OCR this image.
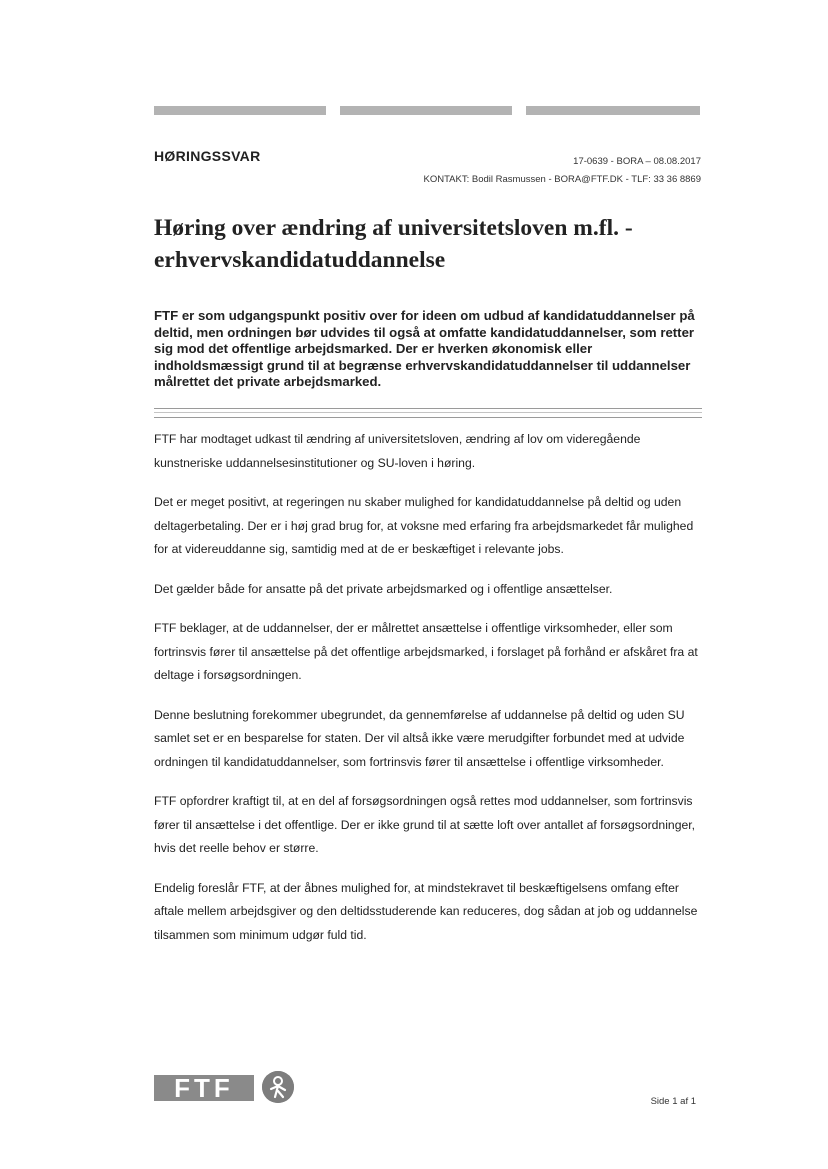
HØRINGSSVAR	17-0639 - BORA – 08.08.2017
KONTAKT: Bodil Rasmussen - BORA@FTF.DK - TLF: 33 36 8869
Høring over ændring af universitetsloven m.fl. - erhvervskandidatuddannelse
FTF er som udgangspunkt positiv over for ideen om udbud af kandidatuddannelser på deltid, men ordningen bør udvides til også at omfatte kandidatuddannelser, som retter sig mod det offentlige arbejdsmarked. Der er hverken økonomisk eller indholdsmæssigt grund til at begrænse erhvervskandidatuddannelser til uddannelser målrettet det private arbejdsmarked.

FTF har modtaget udkast til ændring af universitetsloven, ændring af lov om videregående kunstneriske uddannelsesinstitutioner og SU-loven i høring.

Det er meget positivt, at regeringen nu skaber mulighed for kandidatuddannelse på deltid og uden deltagerbetaling. Der er i høj grad brug for, at voksne med erfaring fra arbejdsmarkedet får mulighed for at videreuddanne sig, samtidig med at de er beskæftiget i relevante jobs.

Det gælder både for ansatte på det private arbejdsmarked og i offentlige ansættelser.

FTF beklager, at de uddannelser, der er målrettet ansættelse i offentlige virksomheder, eller som fortrinsvis fører til ansættelse på det offentlige arbejdsmarked, i forslaget på forhånd er afskåret fra at deltage i forsøgsordningen.

Denne beslutning forekommer ubegrundet, da gennemførelse af uddannelse på deltid og uden SU samlet set er en besparelse for staten. Der vil altså ikke være merudgifter forbundet med at udvide ordningen til kandidatuddannelser, som fortrinsvis fører til ansættelse i offentlige virksomheder.

FTF opfordrer kraftigt til, at en del af forsøgsordningen også rettes mod uddannelser, som fortrinsvis fører til ansættelse i det offentlige. Der er ikke grund til at sætte loft over antallet af forsøgsordninger, hvis det reelle behov er større.

Endelig foreslår FTF, at der åbnes mulighed for, at mindstekravet til beskæftigelsens omfang efter aftale mellem arbejdsgiver og den deltidsstuderende kan reduceres, dog sådan at job og uddannelse tilsammen som minimum udgør fuld tid.

FTF	Side 1 af 1
